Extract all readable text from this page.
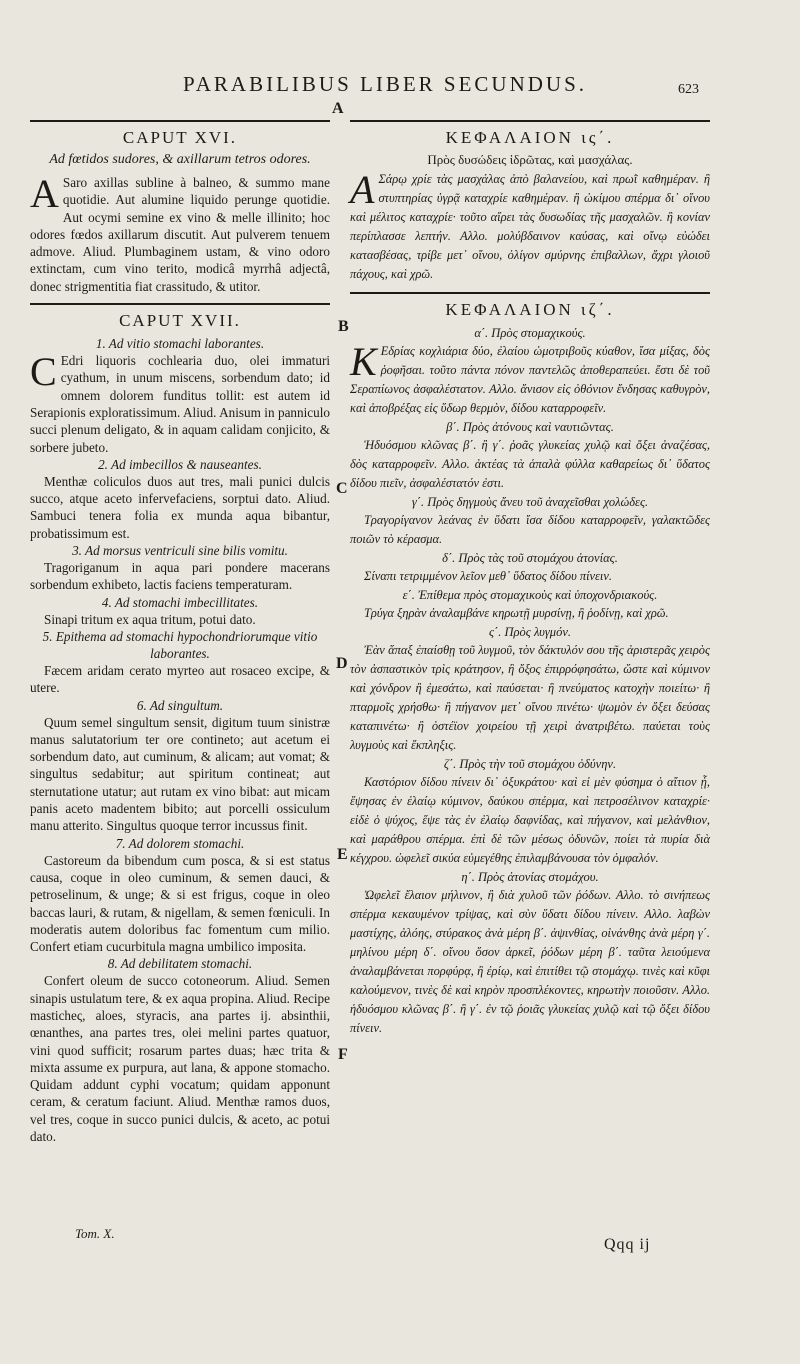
PARABILIBUS LIBER SECUNDUS.	623
A
B
C
D
E
F
CAPUT XVI.
Ad fœtidos sudores, & axillarum tetros odores.

A Saro axillas subline à balneo, & summo mane quotidie. Aut alumine liquido perunge quotidie. Aut ocymi semine ex vino & melle illinito; hoc odores fœdos axillarum discutit. Aut pulverem tenuem admove. Aliud. Plumbaginem ustam, & vino odoro extinctam, cum vino terito, modicâ myrrhâ adjectâ, donec strigmentitia fiat crassitudo, & utitor.

CAPUT XVII.
1. Ad vitio stomachi laborantes.

C Edri liquoris cochlearia duo, olei immaturi cyathum, in unum miscens, sorbendum dato; id omnem dolorem funditus tollit: est autem id Serapionis exploratissimum. Aliud. Anisum in panniculo succi plenum deligato, & in aquam calidam conjicito, & sorbere jubeto.

2. Ad imbecillos & nauseantes.

Menthæ coliculos duos aut tres, mali punici dulcis succo, atque aceto infervefaciens, sorptui dato. Aliud. Sambuci tenera folia ex munda aqua bibantur, probatissimum est.

3. Ad morsus ventriculi sine bilis vomitu.

Tragoriganum in aqua pari pondere macerans sorbendum exhibeto, lactis faciens temperaturam.

4. Ad stomachi imbecillitates.

Sinapi tritum ex aqua tritum, potui dato.

5. Epithema ad stomachi hypochondriorumque vitio laborantes.

Fæcem aridam cerato myrteo aut rosaceo excipe, & utere.

6. Ad singultum.

Quum semel singultum sensit, digitum tuum sinistræ manus salutatorium ter ore contineto; aut acetum ei sorbendum dato, aut cuminum, & alicam; aut vomat; & singultus sedabitur; aut spiritum contineat; aut sternutatione utatur; aut rutam ex vino bibat: aut micam panis aceto madentem bibito; aut porcelli ossiculum manu atterito. Singultus quoque terror incussus finit.

7. Ad dolorem stomachi.

Castoreum da bibendum cum posca, & si est status causa, coque in oleo cuminum, & semen dauci, & petroselinum, & unge; & si est frigus, coque in oleo baccas lauri, & rutam, & nigellam, & semen fœniculi. In moderatis autem doloribus fac fomentum cum milio. Confert etiam cucurbitula magna umbilico imposita.

8. Ad debilitatem stomachi.

Confert oleum de succo cotoneorum. Aliud. Semen sinapis ustulatum tere, & ex aqua propina. Aliud. Recipe masticheς, aloes, styracis, ana partes ij. absinthii, œnanthes, ana partes tres, olei melini partes quatuor, vini quod sufficit; rosarum partes duas; hæc trita & mixta assume ex purpura, aut lana, & appone stomacho. Quidam addunt cyphi vocatum; quidam apponunt ceram, & ceratum faciunt. Aliud. Menthæ ramos duos, vel tres, coque in succo punici dulcis, & aceto, ac potui dato.

Tom. X.
ΚΕΦΑΛΑΙΟΝ ις΄.
Πρὸς δυσώδεις ἱδρῶτας, καὶ μασχάλας.

Α Σάρῳ χρίε τὰς μασχάλας ἀπὸ βαλανείου, καὶ πρωῒ καθημέραν. ἢ στυπτηρίας ὑγρᾷ καταχρίε καθημέραν. ἢ ὠκίμου σπέρμα δι᾽ οἴνου καὶ μέλιτος καταχρίε· τοῦτο αἴρει τὰς δυσωδίας τῆς μασχαλῶν. ἢ κονίαν περίπλασσε λεπτήν. Αλλο. μολύβδαινον καύσας, καὶ οἴνῳ εὐώδει κατασβέσας, τρίβε μετ᾽ οἴνου, ὀλίγον σμύρνης ἐπιβαλλων, ἄχρι γλοιοῦ πάχους, καὶ χρῶ.

ΚΕΦΑΛΑΙΟΝ ιζ΄.
α΄. Πρὸς στομαχικούς.

Κ Εδρίας κοχλιάρια δύο, ἐλαίου ὠμοτριβοῦς κύαθον, ἴσα μίξας, δὸς ῥοφῆσαι. τοῦτο πάντα πόνον παντελῶς ἀποθεραπεύει. ἔστι δὲ τοῦ Σεραπίωνος ἀσφαλέστατον. Αλλο. ἄνισον εἰς ὀθόνιον ἔνδησας καθυγρὸν, καὶ ἀποβρέξας εἰς ὕδωρ θερμὸν, δίδου καταρροφεῖν.

β΄. Πρὸς ἀτόνους καὶ ναυτιῶντας.

Ἡδυόσμου κλῶνας β΄. ἢ γ΄. ῥοᾶς γλυκείας χυλῷ καὶ ὄξει ἀναζέσας, δὸς καταρροφεῖν. Αλλο. ἀκτέας τὰ ἁπαλὰ φύλλα καθαρείως δι᾽ ὕδατος δίδου πιεῖν, ἀσφαλέστατόν ἐστι.

γ΄. Πρὸς δηγμοὺς ἄνευ τοῦ ἀναχεῖσθαι χολώδες.

Τραγορίγανον λεάνας ἐν ὕδατι ἴσα δίδου καταρροφεῖν, γαλακτῶδες ποιῶν τὸ κέρασμα.

δ΄. Πρὸς τὰς τοῦ στομάχου ἀτονίας.

Σίναπι τετριμμένον λεῖον μεθ᾽ ὕδατος δίδου πίνειν.

ε΄. Ἐπίθεμα πρὸς στομαχικοὺς καὶ ὑποχονδριακούς.

Τρύγα ξηρὰν ἀναλαμβάνε κηρωτῇ μυρσίνῃ, ἢ ῥοδίνῃ, καὶ χρῶ.

ς΄. Πρὸς λυγμόν.

Ἐὰν ἅπαξ ἐπαίσθῃ τοῦ λυγμοῦ, τὸν δάκτυλόν σου τῆς ἀριστερᾶς χειρὸς τὸν ἀσπαστικὸν τρὶς κράτησον, ἢ ὄξος ἐπιρρόφησάτω, ὥστε καὶ κύμινον καὶ χόνδρον ἢ ἐμεσάτω, καὶ παύσεται· ἢ πνεύματος κατοχὴν ποιείτω· ἢ πταρμοῖς χρήσθω· ἢ πήγανον μετ᾽ οἴνου πινέτω· ψωμὸν ἐν ὄξει δεύσας καταπινέτω· ἢ ὀστέϊον χοιρείου τῇ χειρὶ ἀνατριβέτω. παύεται τοὺς λυγμοὺς καὶ ἔκπληξις.

ζ΄. Πρὸς τὴν τοῦ στομάχου ὀδύνην.

Καστόριον δίδου πίνειν δι᾽ ὀξυκράτου· καὶ εἰ μὲν φύσημα ὁ αἴτιον ᾖ, ἕψησας ἐν ἐλαίῳ κύμινον, δαύκου σπέρμα, καὶ πετροσέλινον καταχρίε· εἰδὲ ὁ ψύχος, ἕψε τὰς ἐν ἐλαίῳ δαφνίδας, καὶ πήγανον, καὶ μελάνθιον, καὶ μαράθρου σπέρμα. ἐπὶ δὲ τῶν μέσως ὀδυνῶν, ποίει τὰ πυρία διὰ κέγχρου. ὠφελεῖ σικύα εὐμεγέθης ἐπιλαμβάνουσα τὸν ὀμφαλόν.

η΄. Πρὸς ἀτονίας στομάχου.

Ὠφελεῖ ἔλαιον μήλινον, ἢ διὰ χυλοῦ τῶν ῥόδων. Αλλο. τὸ σινήπεως σπέρμα κεκαυμένον τρίψας, καὶ σὺν ὕδατι δίδου πίνειν. Αλλο. λαβὼν μαστίχης, ἀλόης, στύρακος ἀνὰ μέρη β΄. ἀψινθίας, οἰνάνθης ἀνὰ μέρη γ΄. μηλίνου μέρη δ΄. οἴνου ὅσον ἀρκεῖ, ῥόδων μέρη β΄. ταῦτα λειούμενα ἀναλαμβάνεται πορφύρᾳ, ἢ ἐρίῳ, καὶ ἐπιτίθει τῷ στομάχῳ. τινὲς καὶ κῦφι καλούμενον, τινὲς δὲ καὶ κηρὸν προσπλέκοντες, κηρωτὴν ποιοῦσιν. Αλλο. ἡδυόσμου κλῶνας β΄. ἢ γ΄. ἐν τῷ ῥοιᾶς γλυκείας χυλῷ καὶ τῷ ὄξει δίδου πίνειν.

Qqq ij
